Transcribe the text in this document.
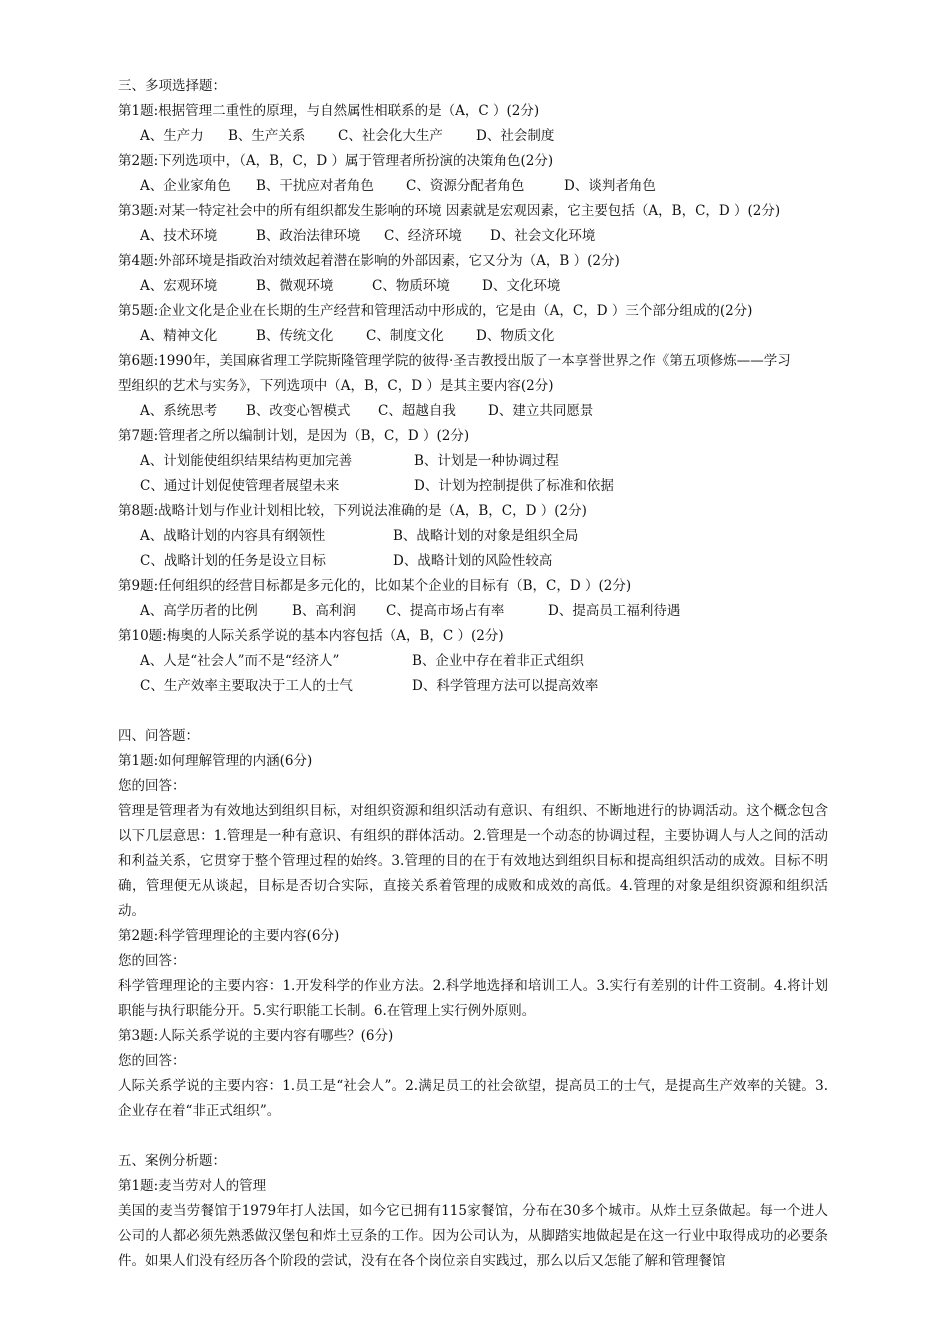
三、多项选择题：
第1题:根据管理二重性的原理，与自然属性相联系的是（A，C ）(2分)
A、生产力 B、生产关系 C、社会化大生产 D、社会制度
第2题:下列选项中，（A，B，C，D ）属于管理者所扮演的决策角色(2分)
A、企业家角色 B、干扰应对者角色 C、资源分配者角色	D、谈判者角色
第3题:对某一特定社会中的所有组织都发生影响的环境 因素就是宏观因素，它主要包括（A，B，C，D ）(2分)
A、技术环境	B、政治法律环境 C、经济环境 D、社会文化环境
第4题:外部环境是指政治对绩效起着潜在影响的外部因素，它又分为（A，B ）(2分)
A、宏观环境	B、微观环境	C、物质环境 D、文化环境
第5题:企业文化是企业在长期的生产经营和管理活动中形成的，它是由（A，C，D ）三个部分组成的(2分)
A、精神文化	B、传统文化 C、制度文化 D、物质文化
第6题:1990年，美国麻省理工学院斯隆管理学院的彼得·圣吉教授出版了一本享誉世界之作《第五项修炼——学习
型组织的艺术与实务》，下列选项中（A，B，C，D ）是其主要内容(2分)
A、系统思考 B、改变心智模式 C、超越自我 D、建立共同愿景
第7题:管理者之所以编制计划，是因为（B，C，D ）(2分)
A、计划能使组织结果结构更加完善	B、计划是一种协调过程
C、通过计划促使管理者展望未来	D、计划为控制提供了标准和依据
第8题:战略计划与作业计划相比较，下列说法准确的是（A，B，C，D ）(2分)
A、战略计划的内容具有纲领性	B、战略计划的对象是组织全局
C、战略计划的任务是设立目标	D、战略计划的风险性较高
第9题:任何组织的经营目标都是多元化的，比如某个企业的目标有（B，C，D ）(2分)
A、高学历者的比例	B、高利润 C、提高市场占有率	D、提高员工福利待遇
第10题:梅奥的人际关系学说的基本内容包括（A，B，C ）(2分)
A、人是“社会人”而不是“经济人”	B、企业中存在着非正式组织
C、生产效率主要取决于工人的士气	D、科学管理方法可以提高效率
四、问答题：
第1题:如何理解管理的内涵(6分)
您的回答：
管理是管理者为有效地达到组织目标，对组织资源和组织活动有意识、有组织、不断地进行的协调活动。这个概念包含以下几层意思：1.管理是一种有意识、有组织的群体活动。2.管理是一个动态的协调过程，主要协调人与人之间的活动和利益关系，它贯穿于整个管理过程的始终。3.管理的目的在于有效地达到组织目标和提高组织活动的成效。目标不明确，管理便无从谈起，目标是否切合实际，直接关系着管理的成败和成效的高低。4.管理的对象是组织资源和组织活动。
第2题:科学管理理论的主要内容(6分)
您的回答：
科学管理理论的主要内容：1.开发科学的作业方法。2.科学地选择和培训工人。3.实行有差别的计件工资制。4.将计划职能与执行职能分开。5.实行职能工长制。6.在管理上实行例外原则。
第3题:人际关系学说的主要内容有哪些？(6分)
您的回答：
人际关系学说的主要内容：1.员工是“社会人”。2.满足员工的社会欲望，提高员工的士气，是提高生产效率的关键。3.企业存在着“非正式组织”。
五、案例分析题：
第1题:麦当劳对人的管理
美国的麦当劳餐馆于1979年打人法国，如今它已拥有115家餐馆，分布在30多个城市。从炸土豆条做起。每一个进人公司的人都必须先熟悉做汉堡包和炸土豆条的工作。因为公司认为，从脚踏实地做起是在这一行业中取得成功的必要条件。如果人们没有经历各个阶段的尝试，没有在各个岗位亲自实践过，那么以后又怎能了解和管理餐馆
